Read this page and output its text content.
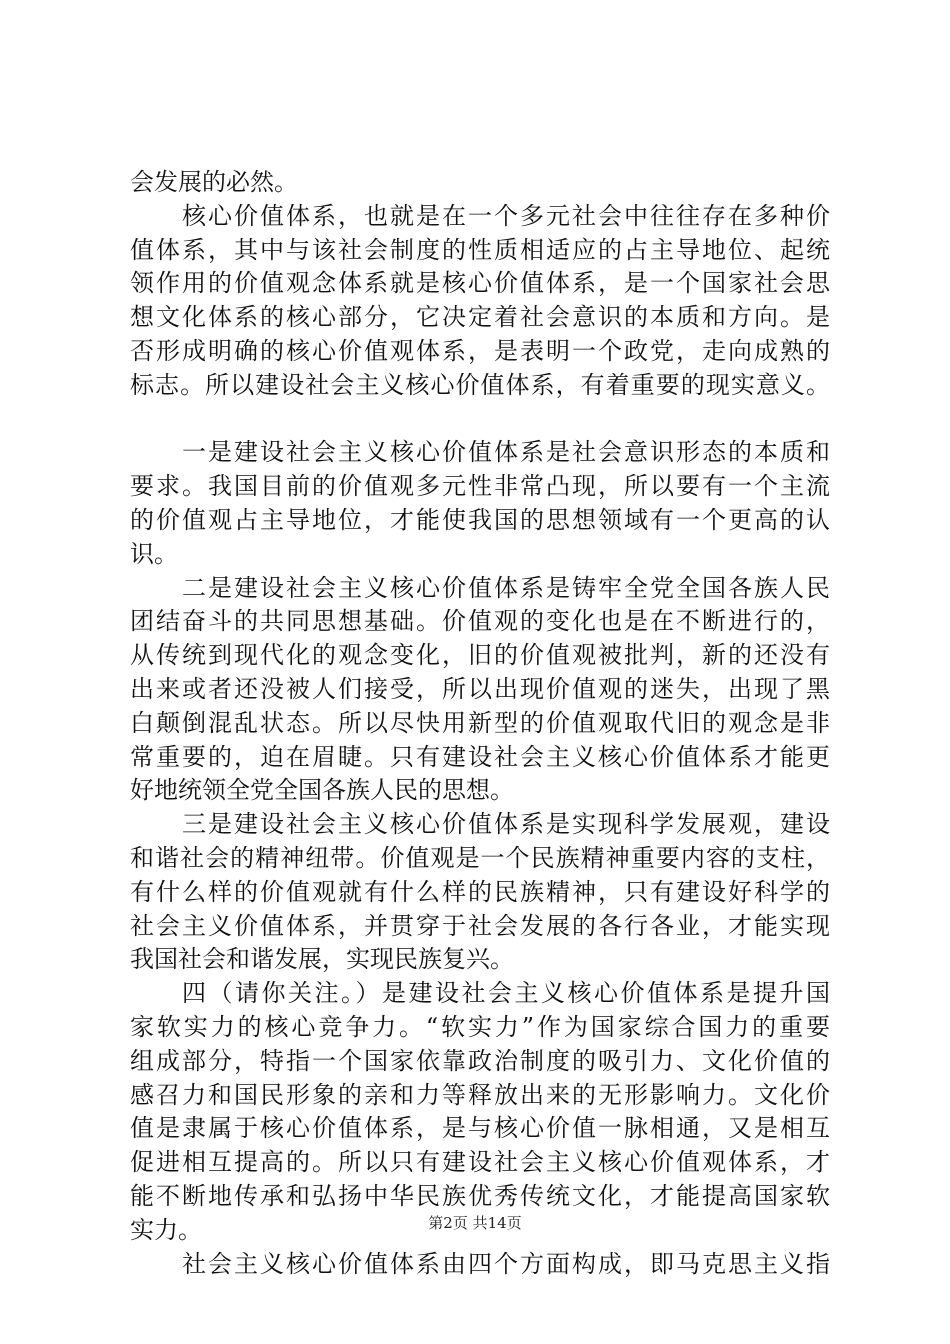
会发展的必然。
核心价值体系，也就是在一个多元社会中往往存在多种价
值体系，其中与该社会制度的性质相适应的占主导地位、起统
领作用的价值观念体系就是核心价值体系，是一个国家社会思
想文化体系的核心部分，它决定着社会意识的本质和方向。是
否形成明确的核心价值观体系，是表明一个政党，走向成熟的
标志。所以建设社会主义核心价值体系，有着重要的现实意义。
一是建设社会主义核心价值体系是社会意识形态的本质和
要求。我国目前的价值观多元性非常凸现，所以要有一个主流
的价值观占主导地位，才能使我国的思想领域有一个更高的认
识。
二是建设社会主义核心价值体系是铸牢全党全国各族人民
团结奋斗的共同思想基础。价值观的变化也是在不断进行的，
从传统到现代化的观念变化，旧的价值观被批判，新的还没有
出来或者还没被人们接受，所以出现价值观的迷失，出现了黑
白颠倒混乱状态。所以尽快用新型的价值观取代旧的观念是非
常重要的，迫在眉睫。只有建设社会主义核心价值体系才能更
好地统领全党全国各族人民的思想。
三是建设社会主义核心价值体系是实现科学发展观，建设
和谐社会的精神纽带。价值观是一个民族精神重要内容的支柱，
有什么样的价值观就有什么样的民族精神，只有建设好科学的
社会主义价值体系，并贯穿于社会发展的各行各业，才能实现
我国社会和谐发展，实现民族复兴。
四（请你关注。）是建设社会主义核心价值体系是提升国
家软实力的核心竞争力。“软实力”作为国家综合国力的重要
组成部分，特指一个国家依靠政治制度的吸引力、文化价值的
感召力和国民形象的亲和力等释放出来的无形影响力。文化价
值是隶属于核心价值体系，是与核心价值一脉相通，又是相互
促进相互提高的。所以只有建设社会主义核心价值观体系，才
能不断地传承和弘扬中华民族优秀传统文化，才能提高国家软
实力。
社会主义核心价值体系由四个方面构成，即马克思主义指
第2页 共14页
